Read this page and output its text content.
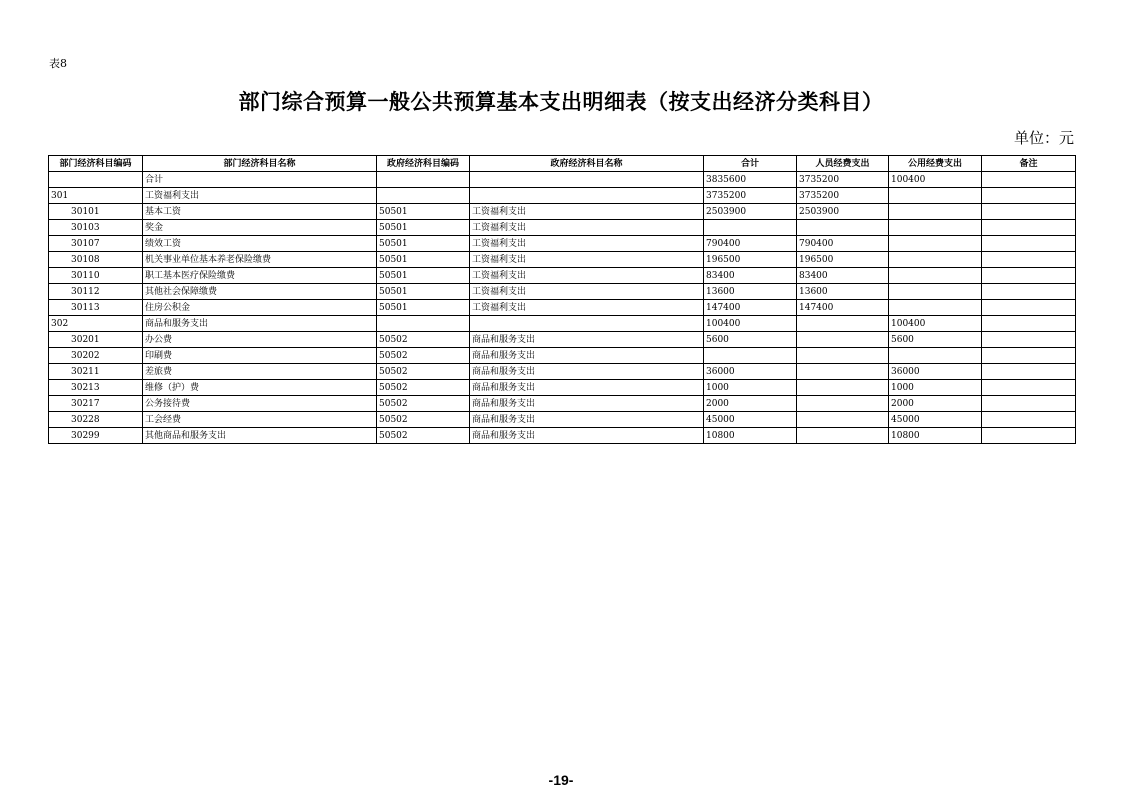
表8
部门综合预算一般公共预算基本支出明细表（按支出经济分类科目）
单位：元
部门经济科目编码	部门经济科目名称	政府经济科目编码	政府经济科目名称	合计	人员经费支出	公用经费支出	备注
	合计			3835600	3735200	100400	
301	工资福利支出			3735200	3735200		
30101	基本工资	50501	工资福利支出	2503900	2503900		
30103	奖金	50501	工资福利支出				
30107	绩效工资	50501	工资福利支出	790400	790400		
30108	机关事业单位基本养老保险缴费	50501	工资福利支出	196500	196500		
30110	职工基本医疗保险缴费	50501	工资福利支出	83400	83400		
30112	其他社会保障缴费	50501	工资福利支出	13600	13600		
30113	住房公积金	50501	工资福利支出	147400	147400		
302	商品和服务支出			100400		100400	
30201	办公费	50502	商品和服务支出	5600		5600	
30202	印刷费	50502	商品和服务支出				
30211	差旅费	50502	商品和服务支出	36000		36000	
30213	维修（护）费	50502	商品和服务支出	1000		1000	
30217	公务接待费	50502	商品和服务支出	2000		2000	
30228	工会经费	50502	商品和服务支出	45000		45000	
30299	其他商品和服务支出	50502	商品和服务支出	10800		10800	
-19-
